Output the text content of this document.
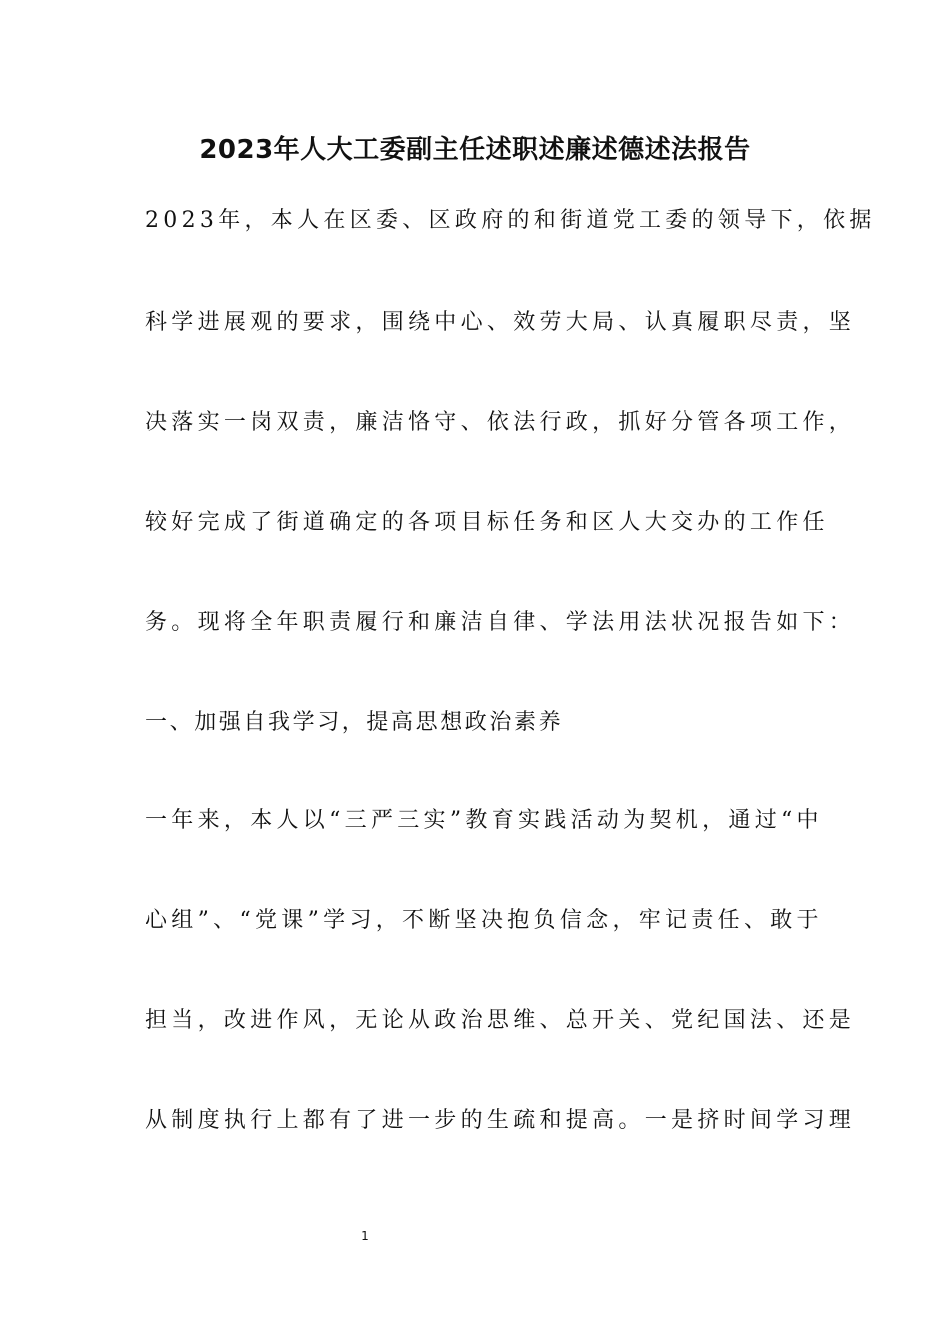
2023年人大工委副主任述职述廉述德述法报告
2023年，本人在区委、区政府的和街道党工委的领导下，依据
科学进展观的要求，围绕中心、效劳大局、认真履职尽责，坚
决落实一岗双责，廉洁恪守、依法行政，抓好分管各项工作，
较好完成了街道确定的各项目标任务和区人大交办的工作任
务。现将全年职责履行和廉洁自律、学法用法状况报告如下：
一、加强自我学习，提高思想政治素养
一年来，本人以“三严三实”教育实践活动为契机，通过“中
心组”、“党课”学习，不断坚决抱负信念，牢记责任、敢于
担当，改进作风，无论从政治思维、总开关、党纪国法、还是
从制度执行上都有了进一步的生疏和提高。一是挤时间学习理
1
